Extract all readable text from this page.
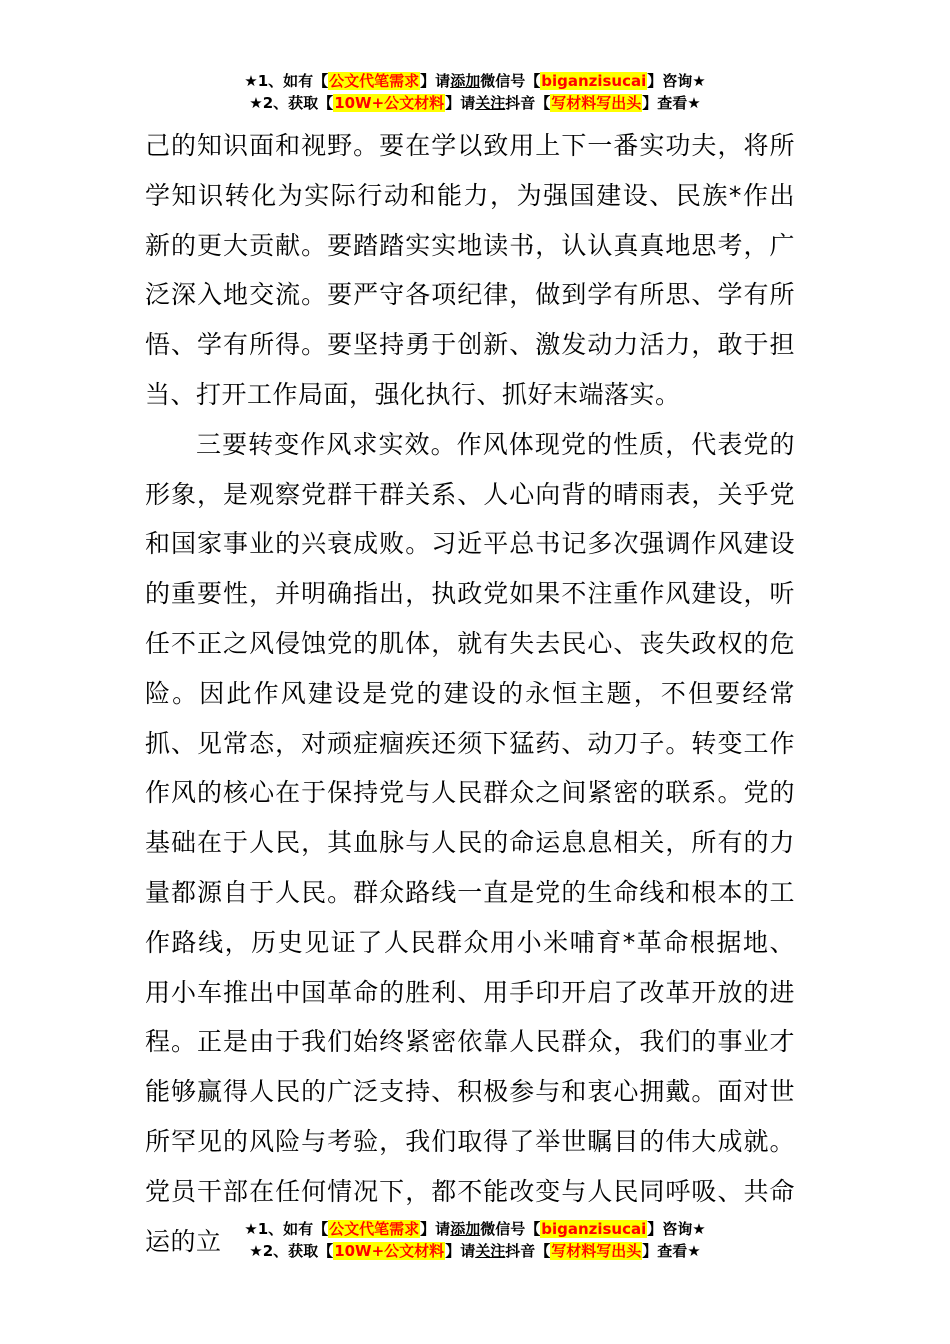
★1、如有【公文代笔需求】请添加微信号【biganzisucai】咨询★
★2、获取【10W+公文材料】请关注抖音【写材料写出头】查看★

己的知识面和视野。要在学以致用上下一番实功夫，将所学知识转化为实际行动和能力，为强国建设、民族*作出新的更大贡献。要踏踏实实地读书，认认真真地思考，广泛深入地交流。要严守各项纪律，做到学有所思、学有所悟、学有所得。要坚持勇于创新、激发动力活力，敢于担当、打开工作局面，强化执行、抓好末端落实。

三要转变作风求实效。作风体现党的性质，代表党的形象，是观察党群干群关系、人心向背的晴雨表，关乎党和国家事业的兴衰成败。习近平总书记多次强调作风建设的重要性，并明确指出，执政党如果不注重作风建设，听任不正之风侵蚀党的肌体，就有失去民心、丧失政权的危险。因此作风建设是党的建设的永恒主题，不但要经常抓、见常态，对顽症痼疾还须下猛药、动刀子。转变工作作风的核心在于保持党与人民群众之间紧密的联系。党的基础在于人民，其血脉与人民的命运息息相关，所有的力量都源自于人民。群众路线一直是党的生命线和根本的工作路线，历史见证了人民群众用小米哺育*革命根据地、用小车推出中国革命的胜利、用手印开启了改革开放的进程。正是由于我们始终紧密依靠人民群众，我们的事业才能够赢得人民的广泛支持、积极参与和衷心拥戴。面对世所罕见的风险与考验，我们取得了举世瞩目的伟大成就。党员干部在任何情况下，都不能改变与人民同呼吸、共命运的立	★1、如有【公文代笔需求】请添加微信号【biganzisucai】咨询★
★2、获取【10W+公文材料】请关注抖音【写材料写出头】查看★
